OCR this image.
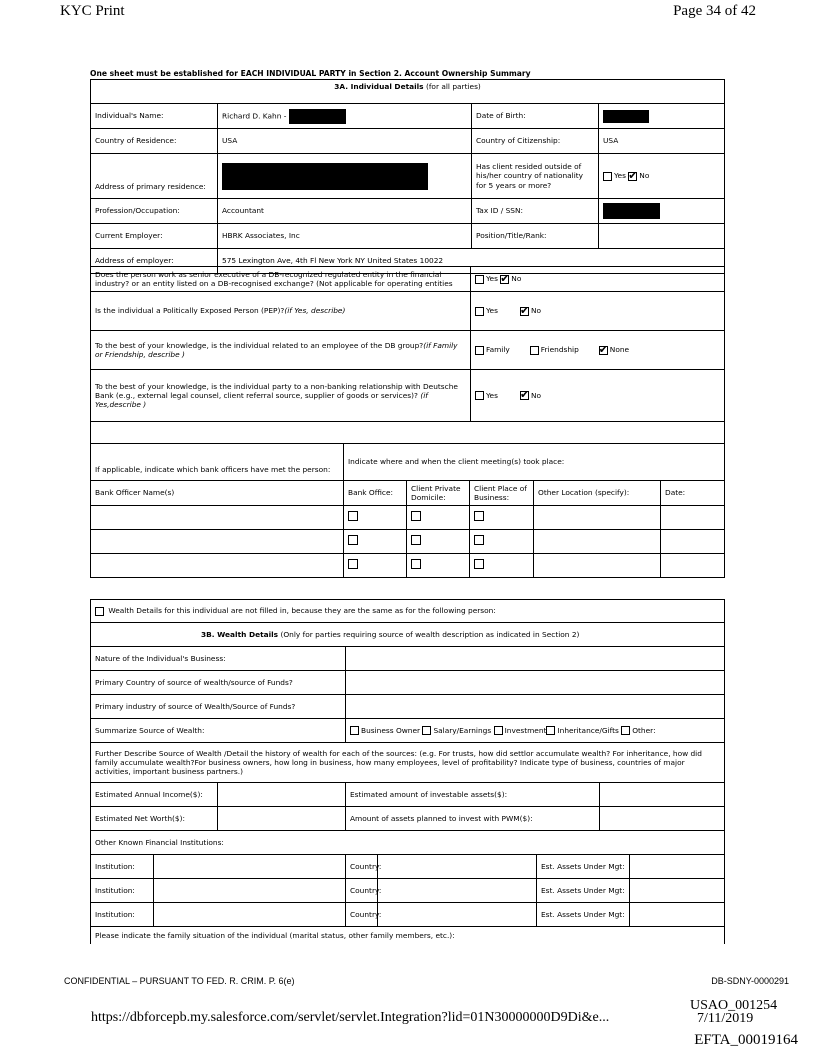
KYC Print	Page 34 of 42
One sheet must be established for EACH INDIVIDUAL PARTY in Section 2. Account Ownership Summary
3A. Individual Details (for all parties)			
Individual's Name:	Richard D. Kahn -	Date of Birth:	
Country of Residence:	USA	Country of Citizenship:	USA
Address of primary residence:		Has client resided outside of his/her country of nationality for 5 years or more?	Yes ✔ No
Profession/Occupation:	Accountant	Tax ID / SSN:	
Current Employer:	HBRK Associates, Inc	Position/Title/Rank:	
Address of employer:	575 Lexington Ave, 4th Fl New York NY United States 10022		
Does the person work as senior executive of a DB-recognized regulated entity in the financial industry? or an entity listed on a DB-recognised exchange? (Not applicable for operating entities	Yes ✔ No
Is the individual a Politically Exposed Person (PEP)?(if Yes, describe)	Yes ✔ No
To the best of your knowledge, is the individual related to an employee of the DB group?(if Family or Friendship, describe )	Family Friendship ✔ None
To the best of your knowledge, is the individual party to a non-banking relationship with Deutsche Bank (e.g., external legal counsel, client referral source, supplier of goods or services)? (if Yes,describe )	Yes ✔ No

If applicable, indicate which bank officers have met the person:	Indicate where and when the client meeting(s) took place:				
Bank Officer Name(s)	Bank Office:	Client Private Domicile:	Client Place of Business:	Other Location (specify):	Date:

Wealth Details for this individual are not filled in, because they are the same as for the following person:							
3B. Wealth Details (Only for parties requiring source of wealth description as indicated in Section 2)							
Nature of the Individual's Business:							
Primary Country of source of wealth/source of Funds?							
Primary industry of source of Wealth/Source of Funds?							
Summarize Source of Wealth:			Business Owner Salary/Earnings Investment Inheritance/Gifts Other:				
Further Describe Source of Wealth /Detail the history of wealth for each of the sources: (e.g. For trusts, how did settlor accumulate wealth? For inheritance, how did family accumulate wealth?For business owners, how long in business, how many employees, level of profitability? Indicate type of business, countries of major activities, important business partners.)							
Estimated Annual Income($):			Estimated amount of investable assets($):				
Estimated Net Worth($):			Amount of assets planned to invest with PWM($):				
Other Known Financial Institutions:							
Institution:			Country:		Est. Assets Under Mgt:		
Institution:			Country:		Est. Assets Under Mgt:		
Institution:			Country:		Est. Assets Under Mgt:		
Please indicate the family situation of the individual (marital status, other family members, etc.):							
CONFIDENTIAL – PURSUANT TO FED. R. CRIM. P. 6(e)	DB-SDNY-0000291
https://dbforcepb.my.salesforce.com/servlet/servlet.Integration?lid=01N30000000D9Di&e...
USAO_001254
7/11/2019
EFTA_00019164
